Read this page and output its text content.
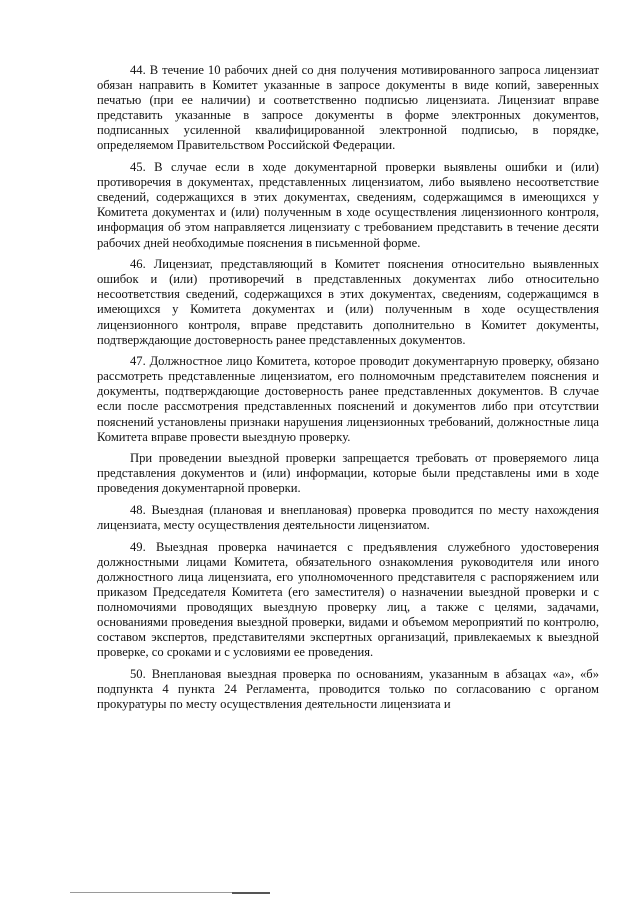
44. В течение 10 рабочих дней со дня получения мотивированного запроса лицензиат обязан направить в Комитет указанные в запросе документы в виде копий, заверенных печатью (при ее наличии) и соответственно подписью лицензиата. Лицензиат вправе представить указанные в запросе документы в форме электронных документов, подписанных усиленной квалифицированной электронной подписью, в порядке, определяемом Правительством Российской Федерации.

45. В случае если в ходе документарной проверки выявлены ошибки и (или) противоречия в документах, представленных лицензиатом, либо выявлено несоответствие сведений, содержащихся в этих документах, сведениям, содержащимся в имеющихся у Комитета документах и (или) полученным в ходе осуществления лицензионного контроля, информация об этом направляется лицензиату с требованием представить в течение десяти рабочих дней необходимые пояснения в письменной форме.

46. Лицензиат, представляющий в Комитет пояснения относительно выявленных ошибок и (или) противоречий в представленных документах либо относительно несоответствия сведений, содержащихся в этих документах, сведениям, содержащимся в имеющихся у Комитета документах и (или) полученным в ходе осуществления лицензионного контроля, вправе представить дополнительно в Комитет документы, подтверждающие достоверность ранее представленных документов.

47. Должностное лицо Комитета, которое проводит документарную проверку, обязано рассмотреть представленные лицензиатом, его полномочным представителем пояснения и документы, подтверждающие достоверность ранее представленных документов. В случае если после рассмотрения представленных пояснений и документов либо при отсутствии пояснений установлены признаки нарушения лицензионных требований, должностные лица Комитета вправе провести выездную проверку.

При проведении выездной проверки запрещается требовать от проверяемого лица представления документов и (или) информации, которые были представлены ими в ходе проведения документарной проверки.

48. Выездная (плановая и внеплановая) проверка проводится по месту нахождения лицензиата, месту осуществления деятельности лицензиатом.

49. Выездная проверка начинается с предъявления служебного удостоверения должностными лицами Комитета, обязательного ознакомления руководителя или иного должностного лица лицензиата, его уполномоченного представителя с распоряжением или приказом Председателя Комитета (его заместителя) о назначении выездной проверки и с полномочиями проводящих выездную проверку лиц, а также с целями, задачами, основаниями проведения выездной проверки, видами и объемом мероприятий по контролю, составом экспертов, представителями экспертных организаций, привлекаемых к выездной проверке, со сроками и с условиями ее проведения.

50. Внеплановая выездная проверка по основаниям, указанным в абзацах «а», «б» подпункта 4 пункта 24 Регламента, проводится только по согласованию с органом прокуратуры по месту осуществления деятельности лицензиата и
